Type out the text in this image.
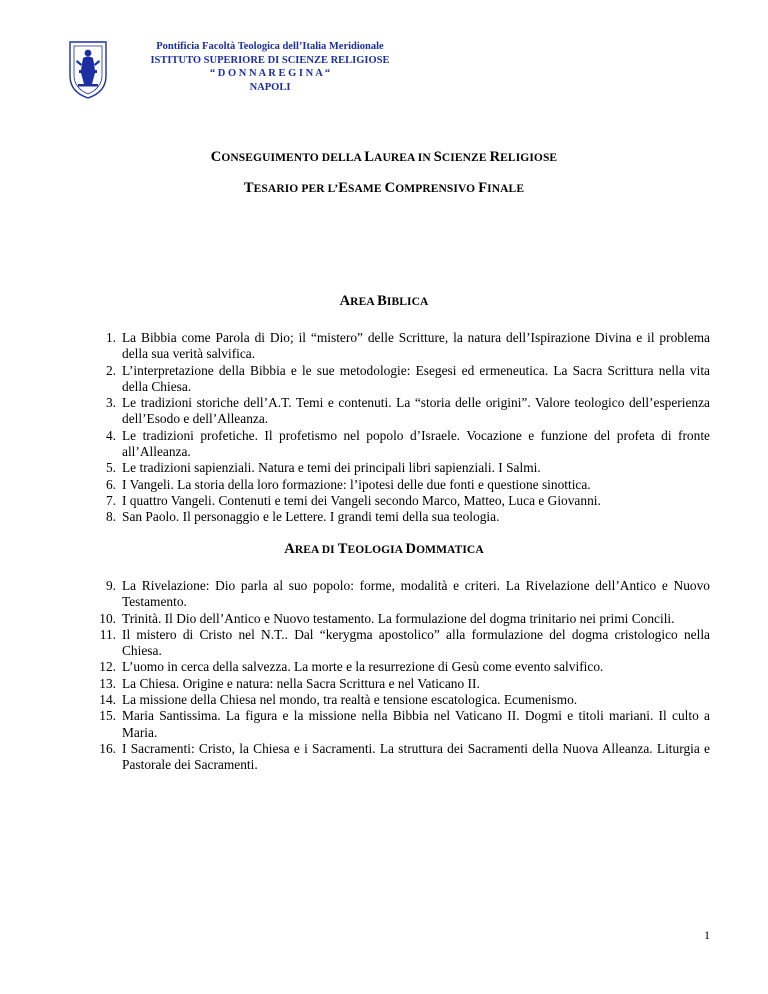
Pontificia Facoltà Teologica dell’Italia Meridionale
ISTITUTO SUPERIORE DI SCIENZE RELIGIOSE
“ D O N N A R E G I N A “
NAPOLI
CONSEGUIMENTO DELLA LAUREA IN SCIENZE RELIGIOSE
TESARIO PER L’ESAME COMPRENSIVO FINALE
AREA BIBLICA
1. La Bibbia come Parola di Dio; il “mistero” delle Scritture, la natura dell’Ispirazione Divina e il problema della sua verità salvifica.
2. L’interpretazione della Bibbia e le sue metodologie: Esegesi ed ermeneutica. La Sacra Scrittura nella vita della Chiesa.
3. Le tradizioni storiche dell’A.T. Temi e contenuti. La “storia delle origini”. Valore teologico dell’esperienza dell’Esodo e dell’Alleanza.
4. Le tradizioni profetiche. Il profetismo nel popolo d’Israele. Vocazione e funzione del profeta di fronte all’Alleanza.
5. Le tradizioni sapienziali. Natura e temi dei principali libri sapienziali. I Salmi.
6. I Vangeli. La storia della loro formazione: l’ipotesi delle due fonti e questione sinottica.
7. I quattro Vangeli. Contenuti e temi dei Vangeli secondo Marco, Matteo, Luca e Giovanni.
8. San Paolo. Il personaggio e le Lettere. I grandi temi della sua teologia.
AREA DI TEOLOGIA DOMMATICA
9. La Rivelazione: Dio parla al suo popolo: forme, modalità e criteri. La Rivelazione dell’Antico e Nuovo Testamento.
10. Trinità. Il Dio dell’Antico e Nuovo testamento. La formulazione del dogma trinitario nei primi Concili.
11. Il mistero di Cristo nel N.T.. Dal “kerygma apostolico” alla formulazione del dogma cristologico nella Chiesa.
12. L’uomo in cerca della salvezza. La morte e la resurrezione di Gesù come evento salvifico.
13. La Chiesa. Origine e natura: nella Sacra Scrittura e nel Vaticano II.
14. La missione della Chiesa nel mondo, tra realtà e tensione escatologica. Ecumenismo.
15. Maria Santissima. La figura e la missione nella Bibbia nel Vaticano II. Dogmi e titoli mariani. Il culto a Maria.
16. I Sacramenti: Cristo, la Chiesa e i Sacramenti. La struttura dei Sacramenti della Nuova Alleanza. Liturgia e Pastorale dei Sacramenti.
1
